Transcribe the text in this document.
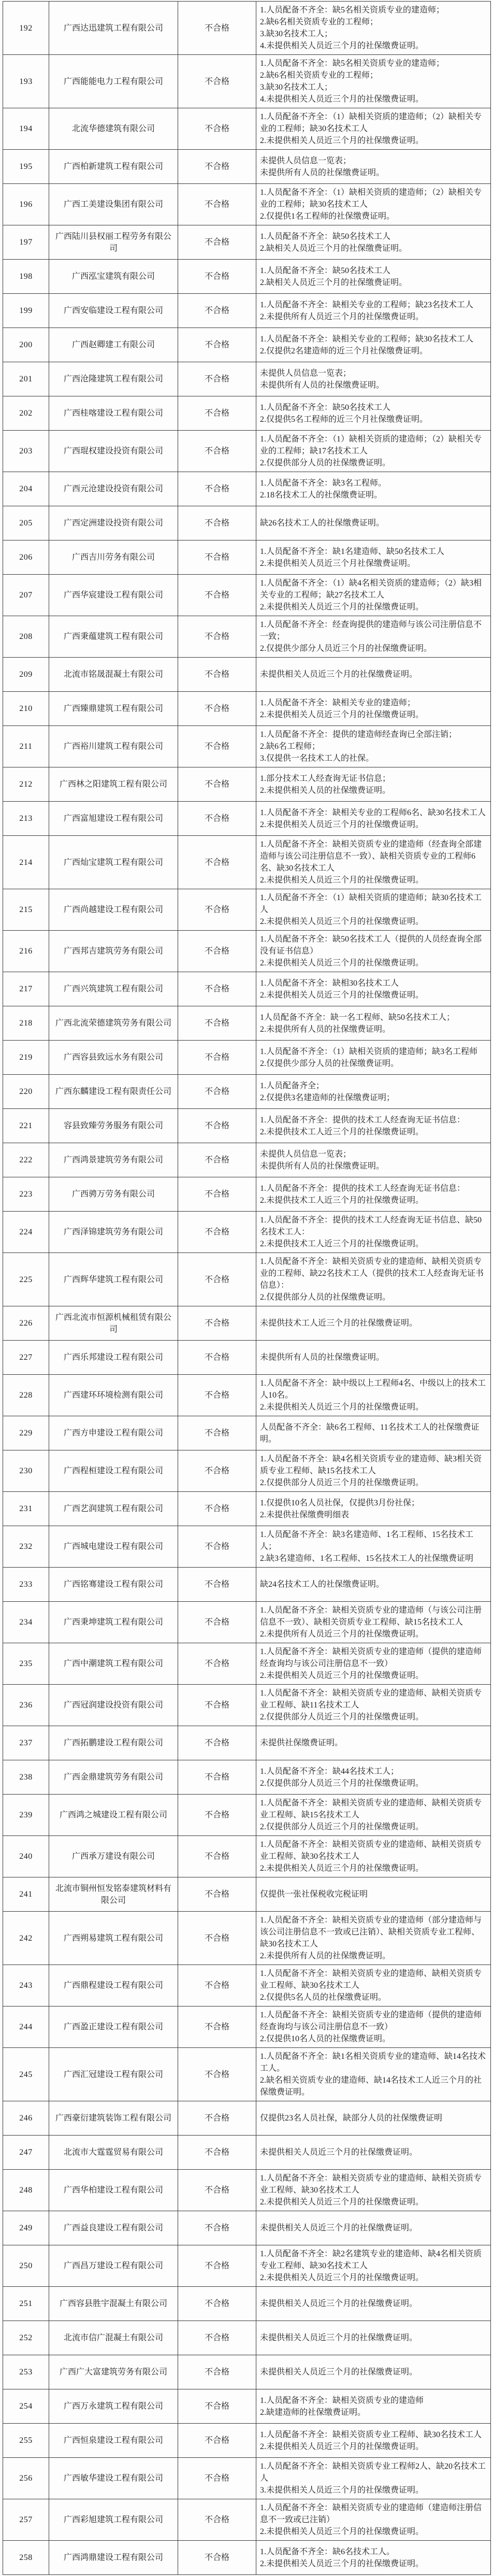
192	广西达迅建筑工程有限公司	不合格	1.人员配备不齐全：缺5名相关资质专业的建造师；
2.缺6名相关资质专业的工程师；
3.缺30名技术工人；
4.未提供相关人员近三个月的社保缴费证明。

193	广西能能电力工程有限公司	不合格	1.人员配备不齐全：缺5名相关资质专业的建造师；
2.缺6名相关资质专业的工程师；
3.缺30名技术工人；
4.未提供相关人员近三个月的社保缴费证明。

194	北流华德建筑有限公司	不合格	1.人员配备不齐全：（1）缺相关资质的建造师；（2）缺相关专业的工程师；缺30名技术工人
2.未提供相关人员近三个月的社保缴费证明。

195	广西柏新建筑工程有限公司	不合格	未提供人员信息一览表；
未提供所有人员的社保缴费证明。

196	广西工美建设集团有限公司	不合格	1.人员配备不齐全：（1）缺相关资质的建造师；（2）缺相关专业的工程师；缺30名技术工人
2.仅提供1名工程师的社保缴费证明。

197	广西陆川县权丽工程劳务有限公司	不合格	1.人员配备不齐全：缺50名技术工人
2.缺相关人员近三个月的社保缴费证明。

198	广西泓宝建筑有限公司	不合格	1.人员配备不齐全：缺50名技术工人
2.缺相关人员近三个月的社保缴费证明。

199	广西安临建设工程有限公司	不合格	1.人员配备不齐全：缺相关专业的工程师；缺23名技术工人
2.未提供所有人员近三个月的社保缴费证明。

200	广西赵卿建工有限公司	不合格	1.人员配备不齐全：缺相关专业的工程师；缺30名技术工人
2.仅提供2名建造师的近三个月社保缴费证明。

201	广西沧隆建筑工程有限公司	不合格	未提供人员信息一览表；
未提供所有人员的社保缴费证明。

202	广西桂喀建设工程有限公司	不合格	1.人员配备不齐全：缺50名技术工人
2.仅提供5名工程师的近三个月社保缴费证明。

203	广西琨权建设投资有限公司	不合格	1.人员配备不齐全：（1）缺相关资质的建造师；（2）缺相关专业的工程师；缺17名技术工人
2.仅提供部分人员的社保缴费证明。

204	广西元沧建设投资有限公司	不合格	1.人员配备不齐全：缺3名工程师。
2.18名技术工人的社保缴费证明。

205	广西定洲建设投资有限公司	不合格	缺26名技术工人的社保缴费证明。

206	广西吉川劳务有限公司	不合格	1.人员配备不齐全：缺1名建造师、缺50名技术工人
2.未提供相关人员近三个月社保缴费证明。

207	广西华宸建设工程有限公司	不合格	1.人员配备不齐全：（1）缺4名相关资质的建造师；（2）缺3相关专业的工程师；缺27名技术工人
2.未提供相关人员近三个月的社保缴费证明。

208	广西秉蕴建筑工程有限公司	不合格	1.人员配备不齐全：经查询提供的建造师与该公司注册信息不一致；
2.仅提供少部分人员近三个月的社保缴费证明。

209	北流市铭晟混凝土有限公司	不合格	未提供相关人员近三个月的社保缴费证明。

210	广西臻鼎建筑工程有限公司	不合格	1.人员配备不齐全：缺相关专业的建造师；
2.未提供相关人员近三个月的社保缴费证明。

211	广西裕川建筑工程有限公司	不合格	1.人员配备不齐全：提供的建造师经查询已全部注销；
2.缺6名工程师；
3.仅提供一名技术工人的社保。

212	广西林之阳建筑工程有限公司	不合格	1.部分技术工人经查询无证书信息；
2.未提供相关人员的社保缴费证明。

213	广西富旭建设工程有限公司	不合格	1.人员配备不齐全：缺相关专业的工程师6名、缺30名技术工人
2.未提供相关人员近三个月的社保缴费证明。

214	广西灿宝建筑工程有限公司	不合格	1.人员配备不齐全：缺相关资质专业的建造师（经查询全部建造师与该公司注册信息不一致）、缺相关资质专业的工程师6名、缺30名技术工人
2.未提供相关人员近三个月的社保缴费证明。

215	广西尚越建设工程有限公司	不合格	1.人员配备不齐全：（1）缺相关资质的建造师；缺30名技术工人
2.未提供相关人员近三个月的社保缴费证明。

216	广西邦吉建筑劳务有限公司	不合格	1.人员配备不齐全：缺50名技术工人（提供的人员经查询全部没有证书信息）
2.未提供相关人员近三个月的社保缴费证明。

217	广西兴筑建筑工程有限公司	不合格	1.人员配备不齐全：缺相30名技术工人
2.未提供相关人员近三个月的社保缴费证明。

218	广西北流荣德建筑劳务有限公司	不合格	1人员配备不齐全：缺一名工程师、缺50名技术工人；
2.未提供所有人员的社保缴费证明。

219	广西容县致远水务有限公司	不合格	1.人员配备不齐全：（1）缺相关资质的建造师；缺3名工程师
2.仅提供少部分人员的社保缴费证明。

220	广西东麟建设工程有限责任公司	不合格	1.人员配备齐全；
2.仅提供3名建造师的社保缴费证明；

221	容县致臻劳务服务有限公司	不合格	1.人员配备不齐全：提供的技术工人经查询无证书信息：
2.未提供技术工人近三个月的社保缴费证明。

222	广西鸿景建筑劳务有限公司	不合格	未提供人员信息一览表；
未提供所有人员的社保缴费证明。

223	广西骋万劳务有限公司	不合格	1.人员配备不齐全：提供的技术工人经查询无证书信息：
2.未提供技术工人近三个月的社保缴费证明。

224	广西泽锦建筑劳务有限公司	不合格	1.人员配备不齐全：提供的技术工人经查询无证书信息、缺50名技术工人：
2.未提供技术工人近三个月的社保缴费证明。

225	广西辉华建筑工程有限公司	不合格	1.人员配备不齐全：缺相关资质专业的建造师、缺相关资质专业的工程师、缺22名技术工人（提供的技术工人经查询无证书信息）：
2.仅提供部分人员的社保缴费证明。

226	广西北流市恒源机械租赁有限公司	不合格	未提供技术工人近三个月的社保缴费证明。

227	广西乐邦建设工程有限公司	不合格	未提供所有人员的社保缴费证明。

228	广西建环环境检测有限公司	不合格	1.人员配备不齐全：缺中级以上工程师4名、中级以上的技术工人10名。
2.未提供相关人员近三个月的社保缴费证明。

229	广西方申建设工程有限公司	不合格	人员配备不齐全：缺6名工程师、11名技术工人的社保缴费证明。

230	广西程桓建设工程有限公司	不合格	1.人员配备不齐全：缺4名相关资质专业的建造师、缺3相关资质专业工程师、缺15名技术工人
2.仅提供部分人员近三个月的社保缴费证明。

231	广西艺润建筑工程有限公司	不合格	1.仅提供10名人员社保，仅提供3月份社保；
2.未提供社保缴费明细表

232	广西城电建设工程有限公司	不合格	1.人员配备不齐全：缺3名建造师、1名工程师、15名技术工人；
2.缺3名建造师、1名工程师、15名技术工人的社保缴费证明

233	广西铭骞建设工程有限公司	不合格	缺24名技术工人的社保缴费证明。

234	广西秉坤建筑工程有限公司	不合格	1.人员配备不齐全：缺相关资质专业的建造师（与该公司注册信息不一致）、缺相关资质专业工程师、缺15名技术工人
2.未提供所有人员近三个月的社保缴费证明。

235	广西中潮建筑工程有限公司	不合格	1.人员配备不齐全：缺相关资质专业的建造师（提供的建造师经查询均与该公司注册信息不一致）
2.未提供相关人员近三个月的社保缴费证明。

236	广西冠润建设投资有限公司	不合格	1.人员配备不齐全：缺相关资质专业的建造师、缺相关资质专业工程师、缺11名技术工人
2.仅提供部分人员近三个月的社保缴费证明。

237	广西拓鹏建设工程有限公司	不合格	未提供社保缴费证明。

238	广西金鼎建筑劳务有限公司	不合格	1.人员配备不齐全：缺44名技术工人；
2.仅提供部分人员近三个月的社保缴费证明。

239	广西鸿之城建设工程有限公司	不合格	1.人员配备不齐全：缺相关资质专业的建造师、缺相关资质专业工程师、缺15名技术工人
2.仅提供部分人员近三个月的社保缴费证明。

240	广西承万建设有限公司	不合格	1.人员配备不齐全：缺相关资质专业的建造师、缺相关资质专业工程师、缺30名技术工人
2.未提供相关人员近三个月的社保缴费证明。

241	北流市铜州恒发铭泰建筑材料有限公司	不合格	仅提供一张社保税收完税证明

242	广西朔易建筑工程有限公司	不合格	1.人员配备不齐全：缺相关资质专业的建造师（部分建造师与该公司注册信息不一致或已注销）、缺相关资质专业工程师、缺30名技术工人
2.未提供所有人员的社保缴费证明。

243	广西鼎程建设工程有限公司	不合格	1.人员配备不齐全：缺相关资质专业的建造师、缺相关资质专业工程师、缺30名技术工人
2.仅提供5名人员的社保缴费证明。

244	广西盈正建设工程有限公司	不合格	1.人员配备不齐全：缺相关资质专业的建造师（提供的建造师经查询均与该公司注册信息不一致）
2.仅提供10名人员的社保缴费证明。

245	广西汇冠建设工程有限公司	不合格	1.人员配备不齐全：缺1名相关资质专业的建造师、缺14名技术工人。
2.缺名相关资质专业的建造师、缺14名技术工人近三个月的社保缴费证明。

246	广西豪衍建筑装饰工程有限公司	不合格	仅提供23名人员社保，缺部分人员的社保缴费证明

247	北流市大霆霆贸易有限公司	不合格	未提供相关人员近三个月的社保缴费证明。

248	广西华柏建设工程有限公司	不合格	1.人员配备不齐全：缺相关资质专业的建造师、缺相关资质专业工程师、缺30名技术工人
2.未提供相关人员近三个月的社保缴费证明。

249	广西益良建设工程有限公司	不合格	未提供相关人员近三个月的社保缴费证明。

250	广西昌万建设工程有限公司	不合格	1.人员配备不齐全：缺2名建筑专业的建造师、缺4名相关资质专业工程师、缺30名技术工人
2.未提供相关人员近三个月的社保缴费证明。

251	广西容县胜宇混凝土有限公司	不合格	未提供相关人员近三个月的社保缴费证明。

252	北流市信广混凝土有限公司	不合格	未提供相关人员近三个月的社保缴费证明。

253	广西广大富建筑劳务有限公司	不合格	未提供相关人员近三个月的社保缴费证明。

254	广西万永建筑工程有限公司	不合格	1.人员配备不齐全：缺相关资质专业的建造师
2.缺建造师的社保缴费证明。

255	广西恒泉建设工程有限公司	不合格	1.人员配备不齐全：缺相关资质专业工程师、缺30名技术工人
2.未提供相关人员近三个月的社保缴费证明。

256	广西敏华建设工程有限公司	不合格	1.人员配备不齐全：缺相关资质专业工程师2人、缺20名技术工人
3.未提供相关人员近三个月的社保缴费证明。

257	广西彩旭建筑工程有限公司	不合格	1.人员配备不齐全：缺相关资质专业的建造师（建造师注册信息不一致或已注销）
2.未提供相关人员近三个月的社保缴费证明。

258	广西鸿鼎建设工程有限公司	不合格	1.人员配备不齐全：缺6名技术工人。
2.未提供相关人员近三个月的社保缴费证明。
